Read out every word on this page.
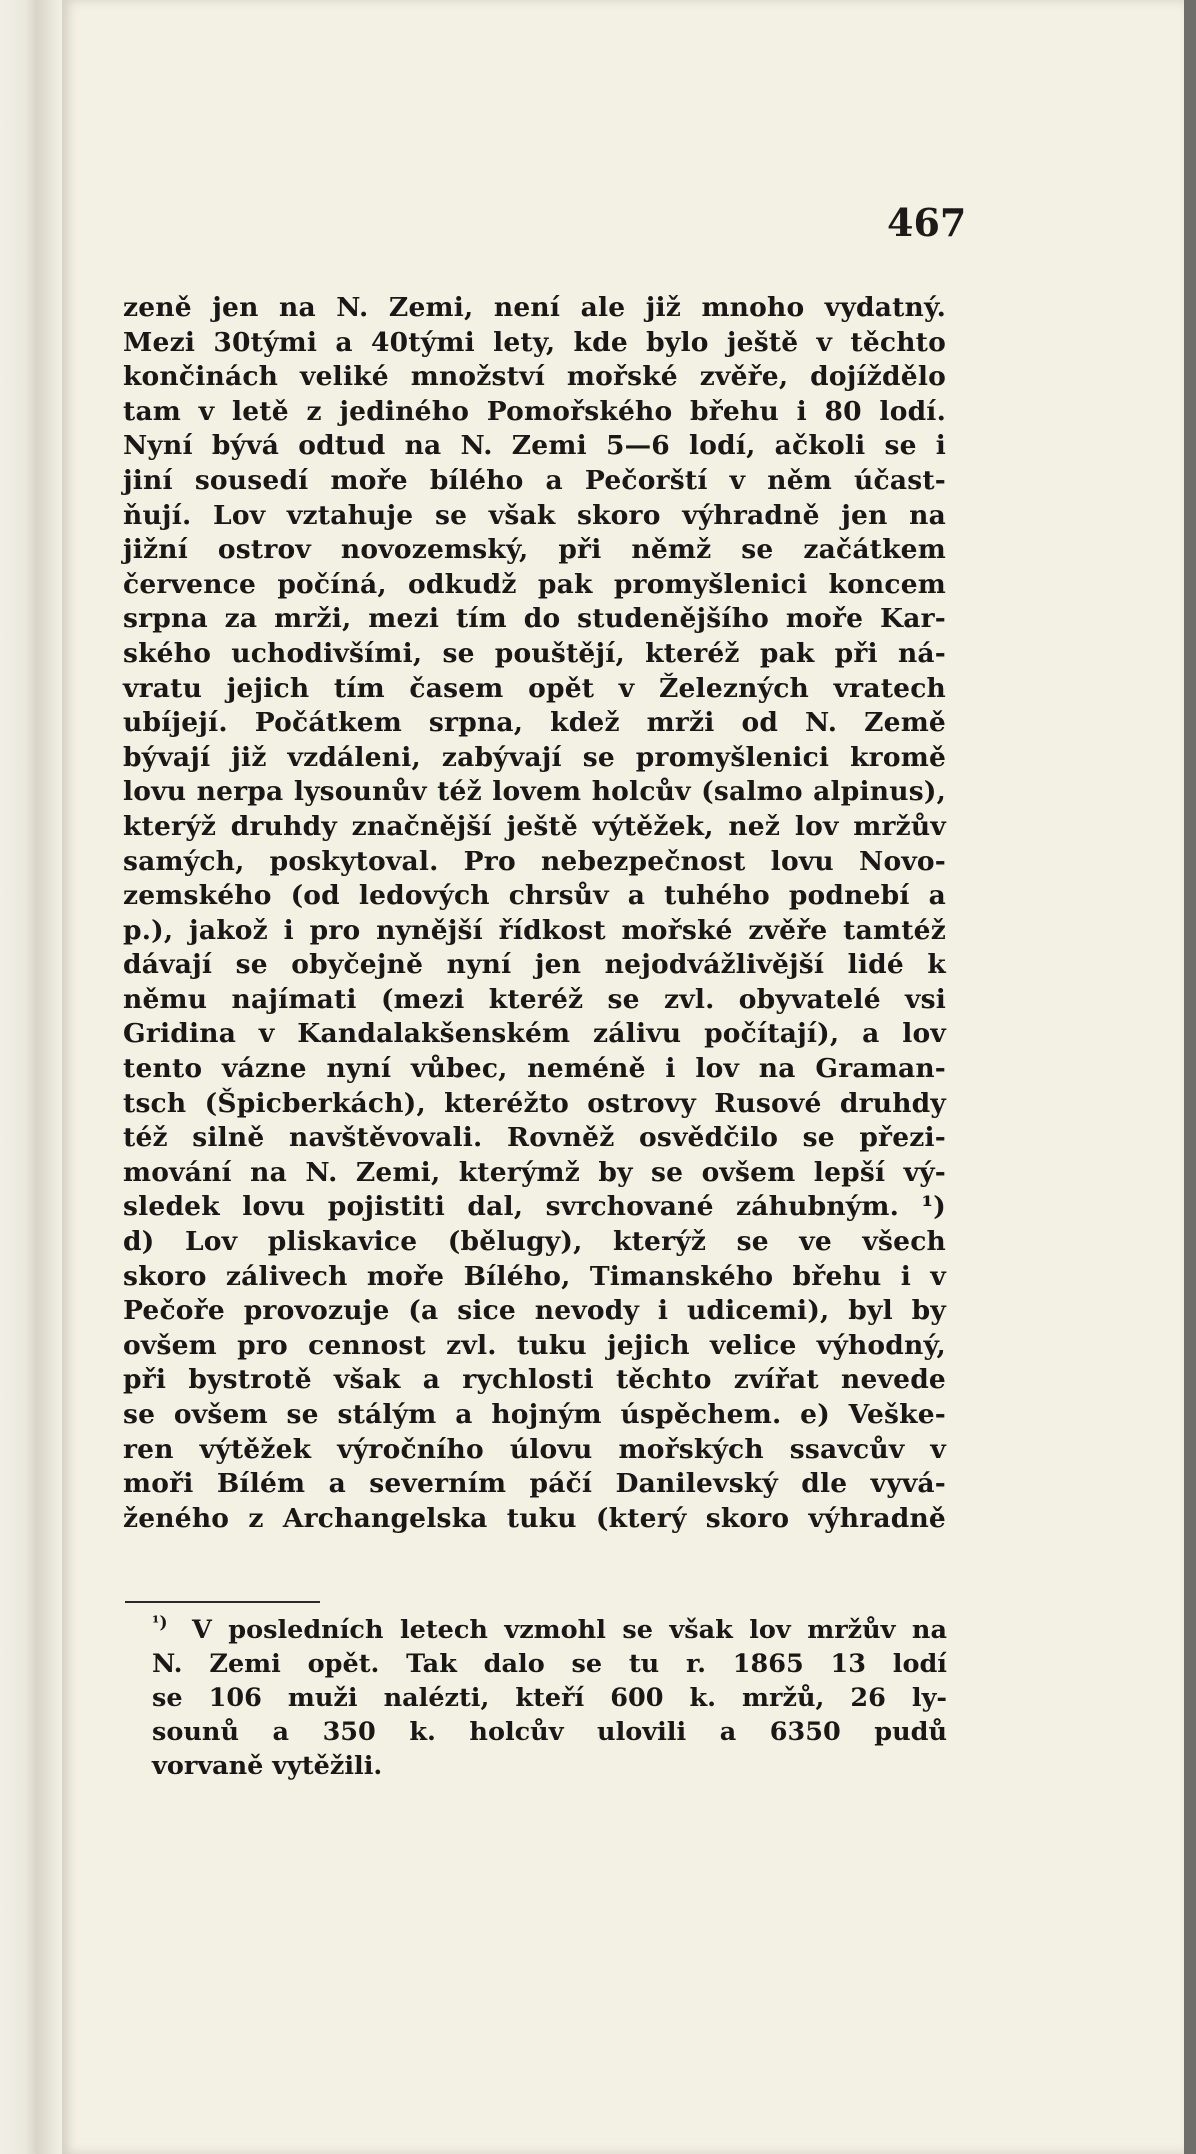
467
zeně jen na N. Zemi, není ale již mnoho vydatný.
Mezi 30tými a 40tými lety, kde bylo ještě v těchto
končinách veliké množství mořské zvěře, dojíždělo
tam v letě z jediného Pomořského břehu i 80 lodí.
Nyní bývá odtud na N. Zemi 5—6 lodí, ačkoli se i
jiní sousedí moře bílého a Pečorští v něm účast-
ňují. Lov vztahuje se však skoro výhradně jen na
jižní ostrov novozemský, při němž se začátkem
července počíná, odkudž pak promyšlenici koncem
srpna za mrži, mezi tím do studenějšího moře Kar-
ského uchodivšími, se pouštějí, kteréž pak při ná-
vratu jejich tím časem opět v Železných vratech
ubíjejí. Počátkem srpna, kdež mrži od N. Země
bývají již vzdáleni, zabývají se promyšlenici kromě
lovu nerpa lysounův též lovem holcův (salmo alpinus),
kterýž druhdy značnější ještě výtěžek, než lov mržův
samých, poskytoval. Pro nebezpečnost lovu Novo-
zemského (od ledových chrsův a tuhého podnebí a
p.), jakož i pro nynější řídkost mořské zvěře tamtéž
dávají se obyčejně nyní jen nejodvážlivější lidé k
němu najímati (mezi kteréž se zvl. obyvatelé vsi
Gridina v Kandalakšenském zálivu počítají), a lov
tento vázne nyní vůbec, neméně i lov na Graman-
tsch (Špicberkách), kteréžto ostrovy Rusové druhdy
též silně navštěvovali. Rovněž osvědčilo se přezi-
mování na N. Zemi, kterýmž by se ovšem lepší vý-
sledek lovu pojistiti dal, svrchované záhubným. ¹)
d) Lov pliskavice (bělugy), kterýž se ve všech
skoro zálivech moře Bílého, Timanského břehu i v
Pečoře provozuje (a sice nevody i udicemi), byl by
ovšem pro cennost zvl. tuku jejich velice výhodný,
při bystrotě však a rychlosti těchto zvířat nevede
se ovšem se stálým a hojným úspěchem. e) Veške-
ren výtěžek výročního úlovu mořských ssavcův v
moři Bílém a severním páčí Danilevský dle vyvá-
ženého z Archangelska tuku (který skoro výhradně
¹) V posledních letech vzmohl se však lov mržův na
N. Zemi opět. Tak dalo se tu r. 1865 13 lodí
se 106 muži nalézti, kteří 600 k. mržů, 26 ly-
sounů a 350 k. holcův ulovili a 6350 pudů
vorvaně vytěžili.
